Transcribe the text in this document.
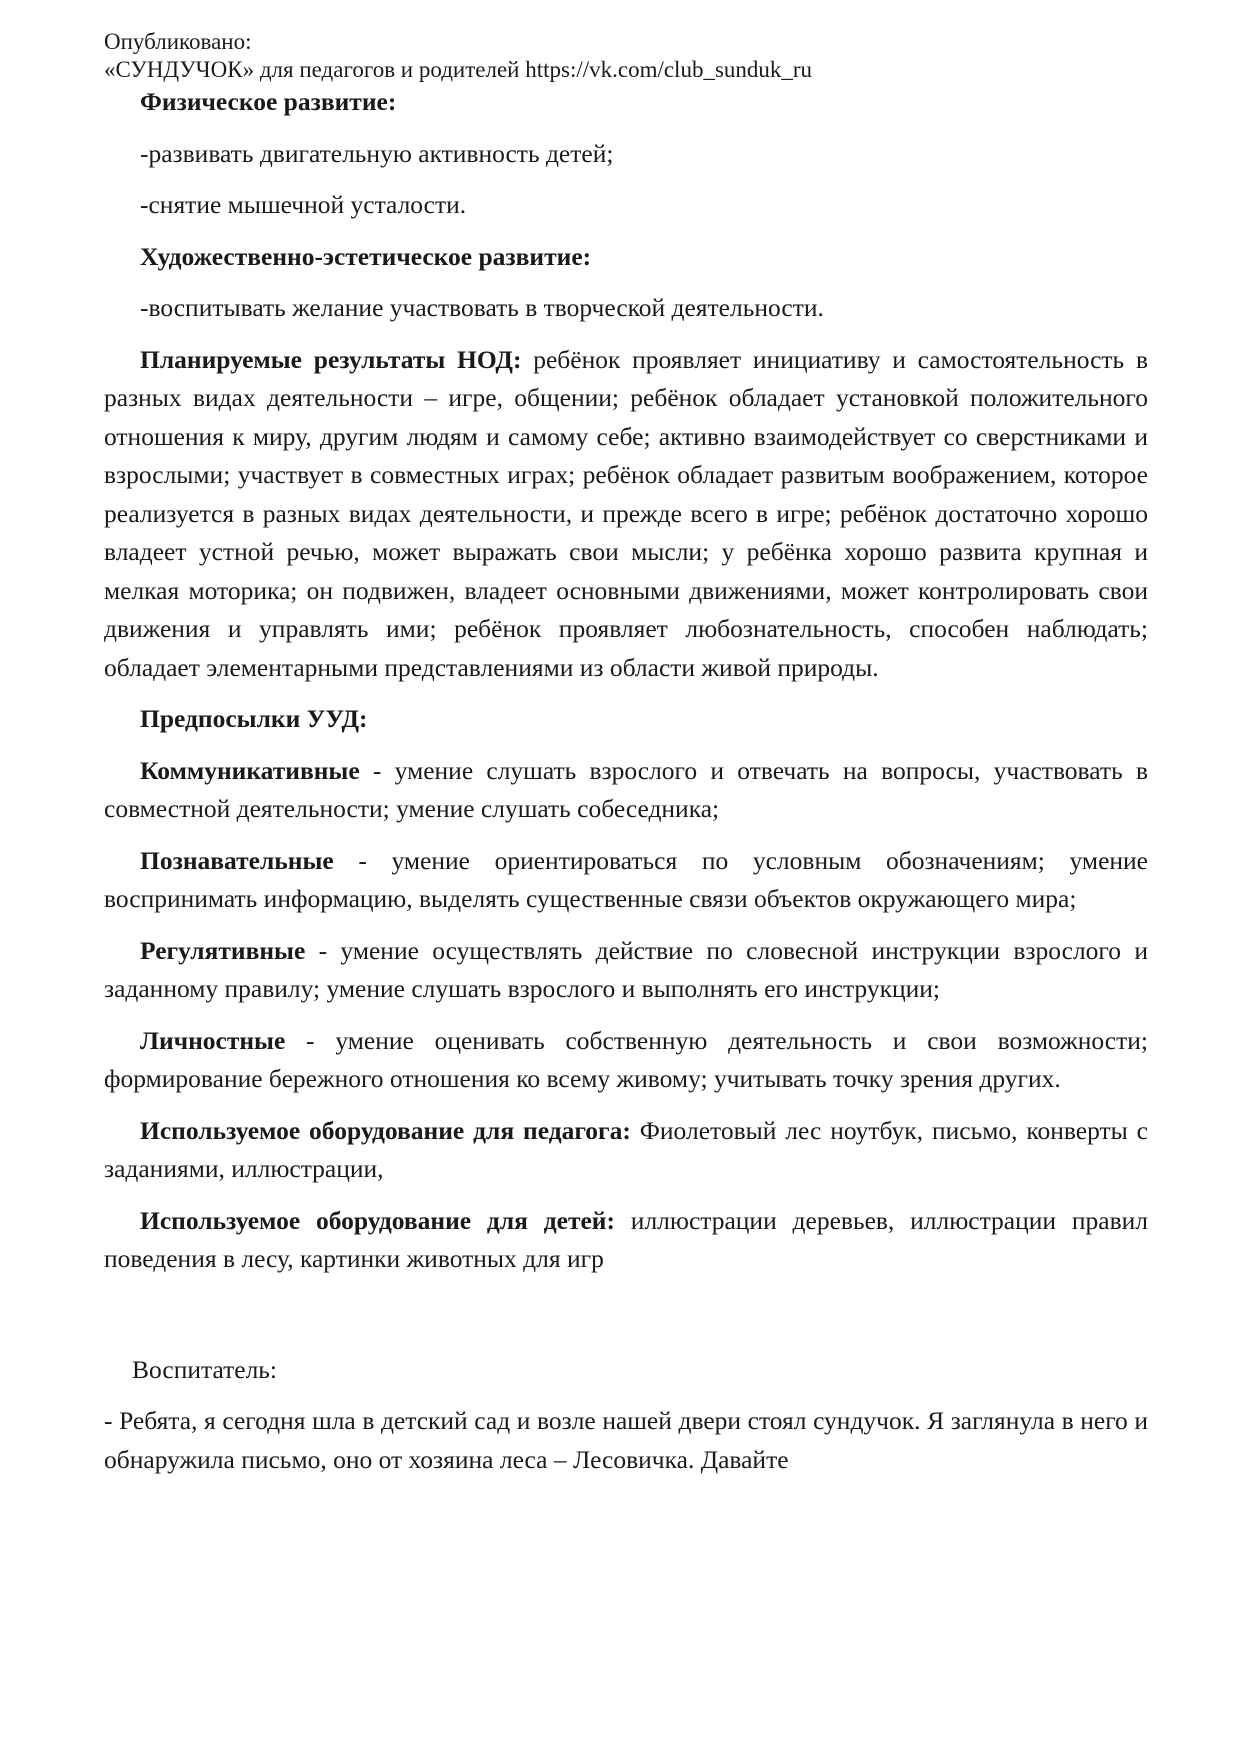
Опубликовано:
«СУНДУЧОК» для педагогов и родителей https://vk.com/club_sunduk_ru

Физическое развитие:

-развивать двигательную активность детей;

-снятие мышечной усталости.

Художественно-эстетическое развитие:

-воспитывать желание участвовать в творческой деятельности.

Планируемые результаты НОД: ребёнок проявляет инициативу и самостоятельность в разных видах деятельности – игре, общении; ребёнок обладает установкой положительного отношения к миру, другим людям и самому себе; активно взаимодействует со сверстниками и взрослыми; участвует в совместных играх; ребёнок обладает развитым воображением, которое реализуется в разных видах деятельности, и прежде всего в игре; ребёнок достаточно хорошо владеет устной речью, может выражать свои мысли; у ребёнка хорошо развита крупная и мелкая моторика; он подвижен, владеет основными движениями, может контролировать свои движения и управлять ими; ребёнок проявляет любознательность, способен наблюдать; обладает элементарными представлениями из области живой природы.

Предпосылки УУД:

Коммуникативные - умение слушать взрослого и отвечать на вопросы, участвовать в совместной деятельности; умение слушать собеседника;

Познавательные - умение ориентироваться по условным обозначениям; умение воспринимать информацию, выделять существенные связи объектов окружающего мира;

Регулятивные - умение осуществлять действие по словесной инструкции взрослого и заданному правилу; умение слушать взрослого и выполнять его инструкции;

Личностные - умение оценивать собственную деятельность и свои возможности; формирование бережного отношения ко всему живому; учитывать точку зрения других.

Используемое оборудование для педагога: Фиолетовый лес ноутбук, письмо, конверты с заданиями, иллюстрации,

Используемое оборудование для детей: иллюстрации деревьев, иллюстрации правил поведения в лесу, картинки животных для игр

Воспитатель:

- Ребята, я сегодня шла в детский сад и возле нашей двери стоял сундучок. Я заглянула в него и обнаружила письмо, оно от хозяина леса – Лесовичка. Давайте
